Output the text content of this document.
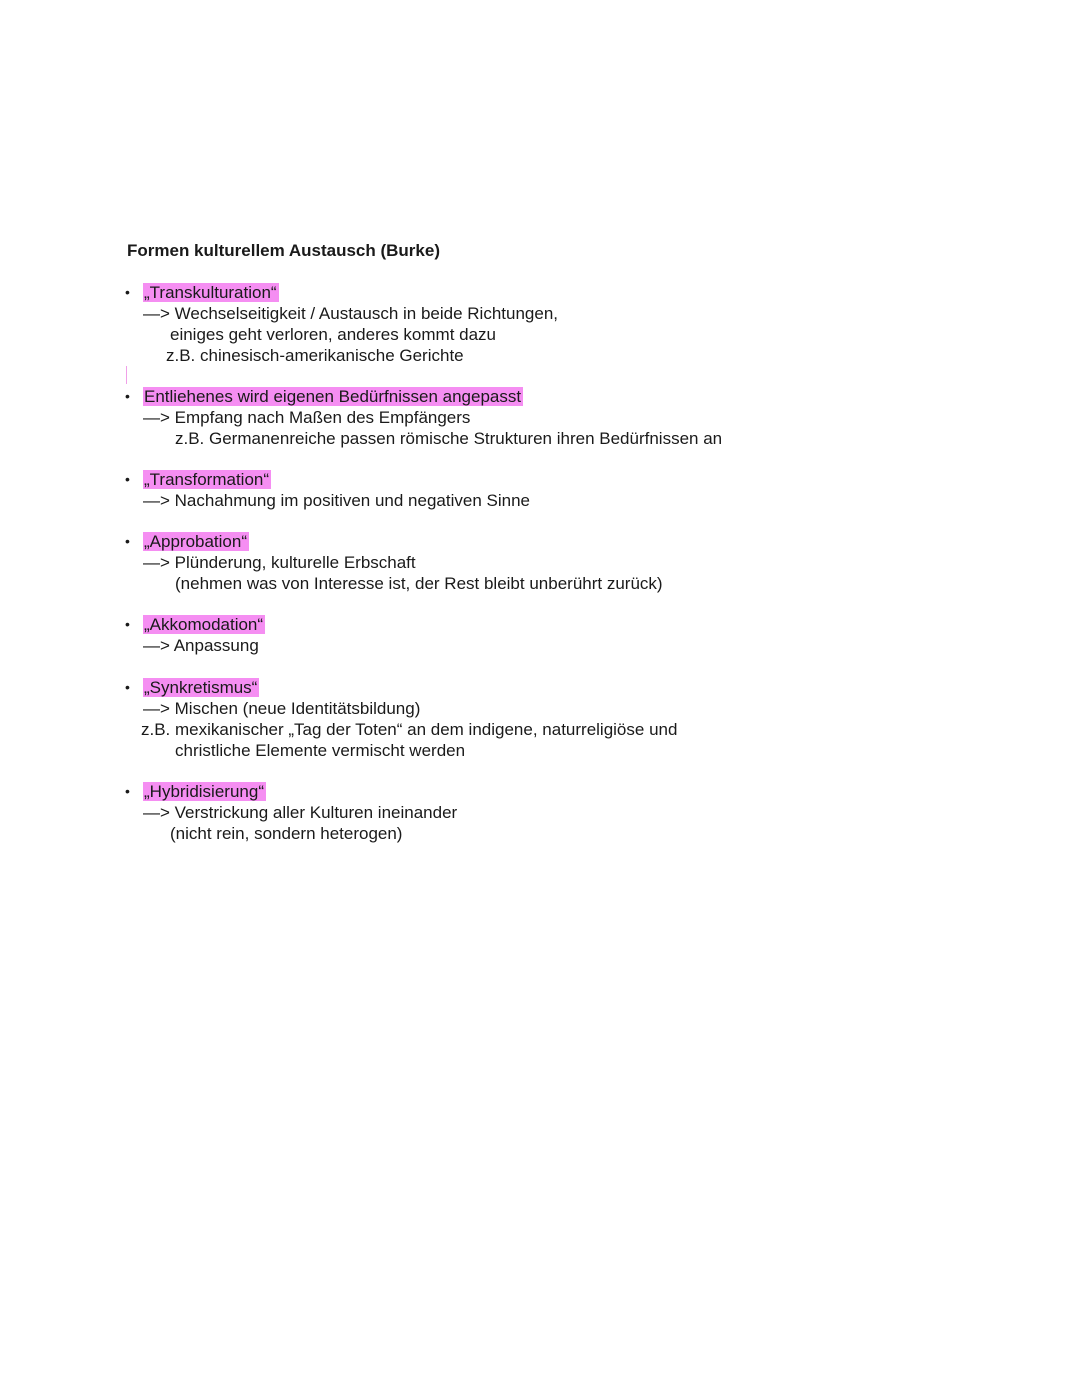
Formen kulturellem Austausch (Burke)
• „Transkulturation“
—> Wechselseitigkeit / Austausch in beide Richtungen,
einiges geht verloren, anderes kommt dazu
z.B. chinesisch-amerikanische Gerichte
• Entliehenes wird eigenen Bedürfnissen angepasst
—> Empfang nach Maßen des Empfängers
z.B. Germanenreiche passen römische Strukturen ihren Bedürfnissen an
• „Transformation“
—> Nachahmung im positiven und negativen Sinne
• „Approbation“
—> Plünderung, kulturelle Erbschaft
(nehmen was von Interesse ist, der Rest bleibt unberührt zurück)
• „Akkomodation“
—> Anpassung
• „Synkretismus“
—> Mischen (neue Identitätsbildung)
z.B. mexikanischer „Tag der Toten“ an dem indigene, naturreligiöse und
christliche Elemente vermischt werden
• „Hybridisierung“
—> Verstrickung aller Kulturen ineinander
(nicht rein, sondern heterogen)
